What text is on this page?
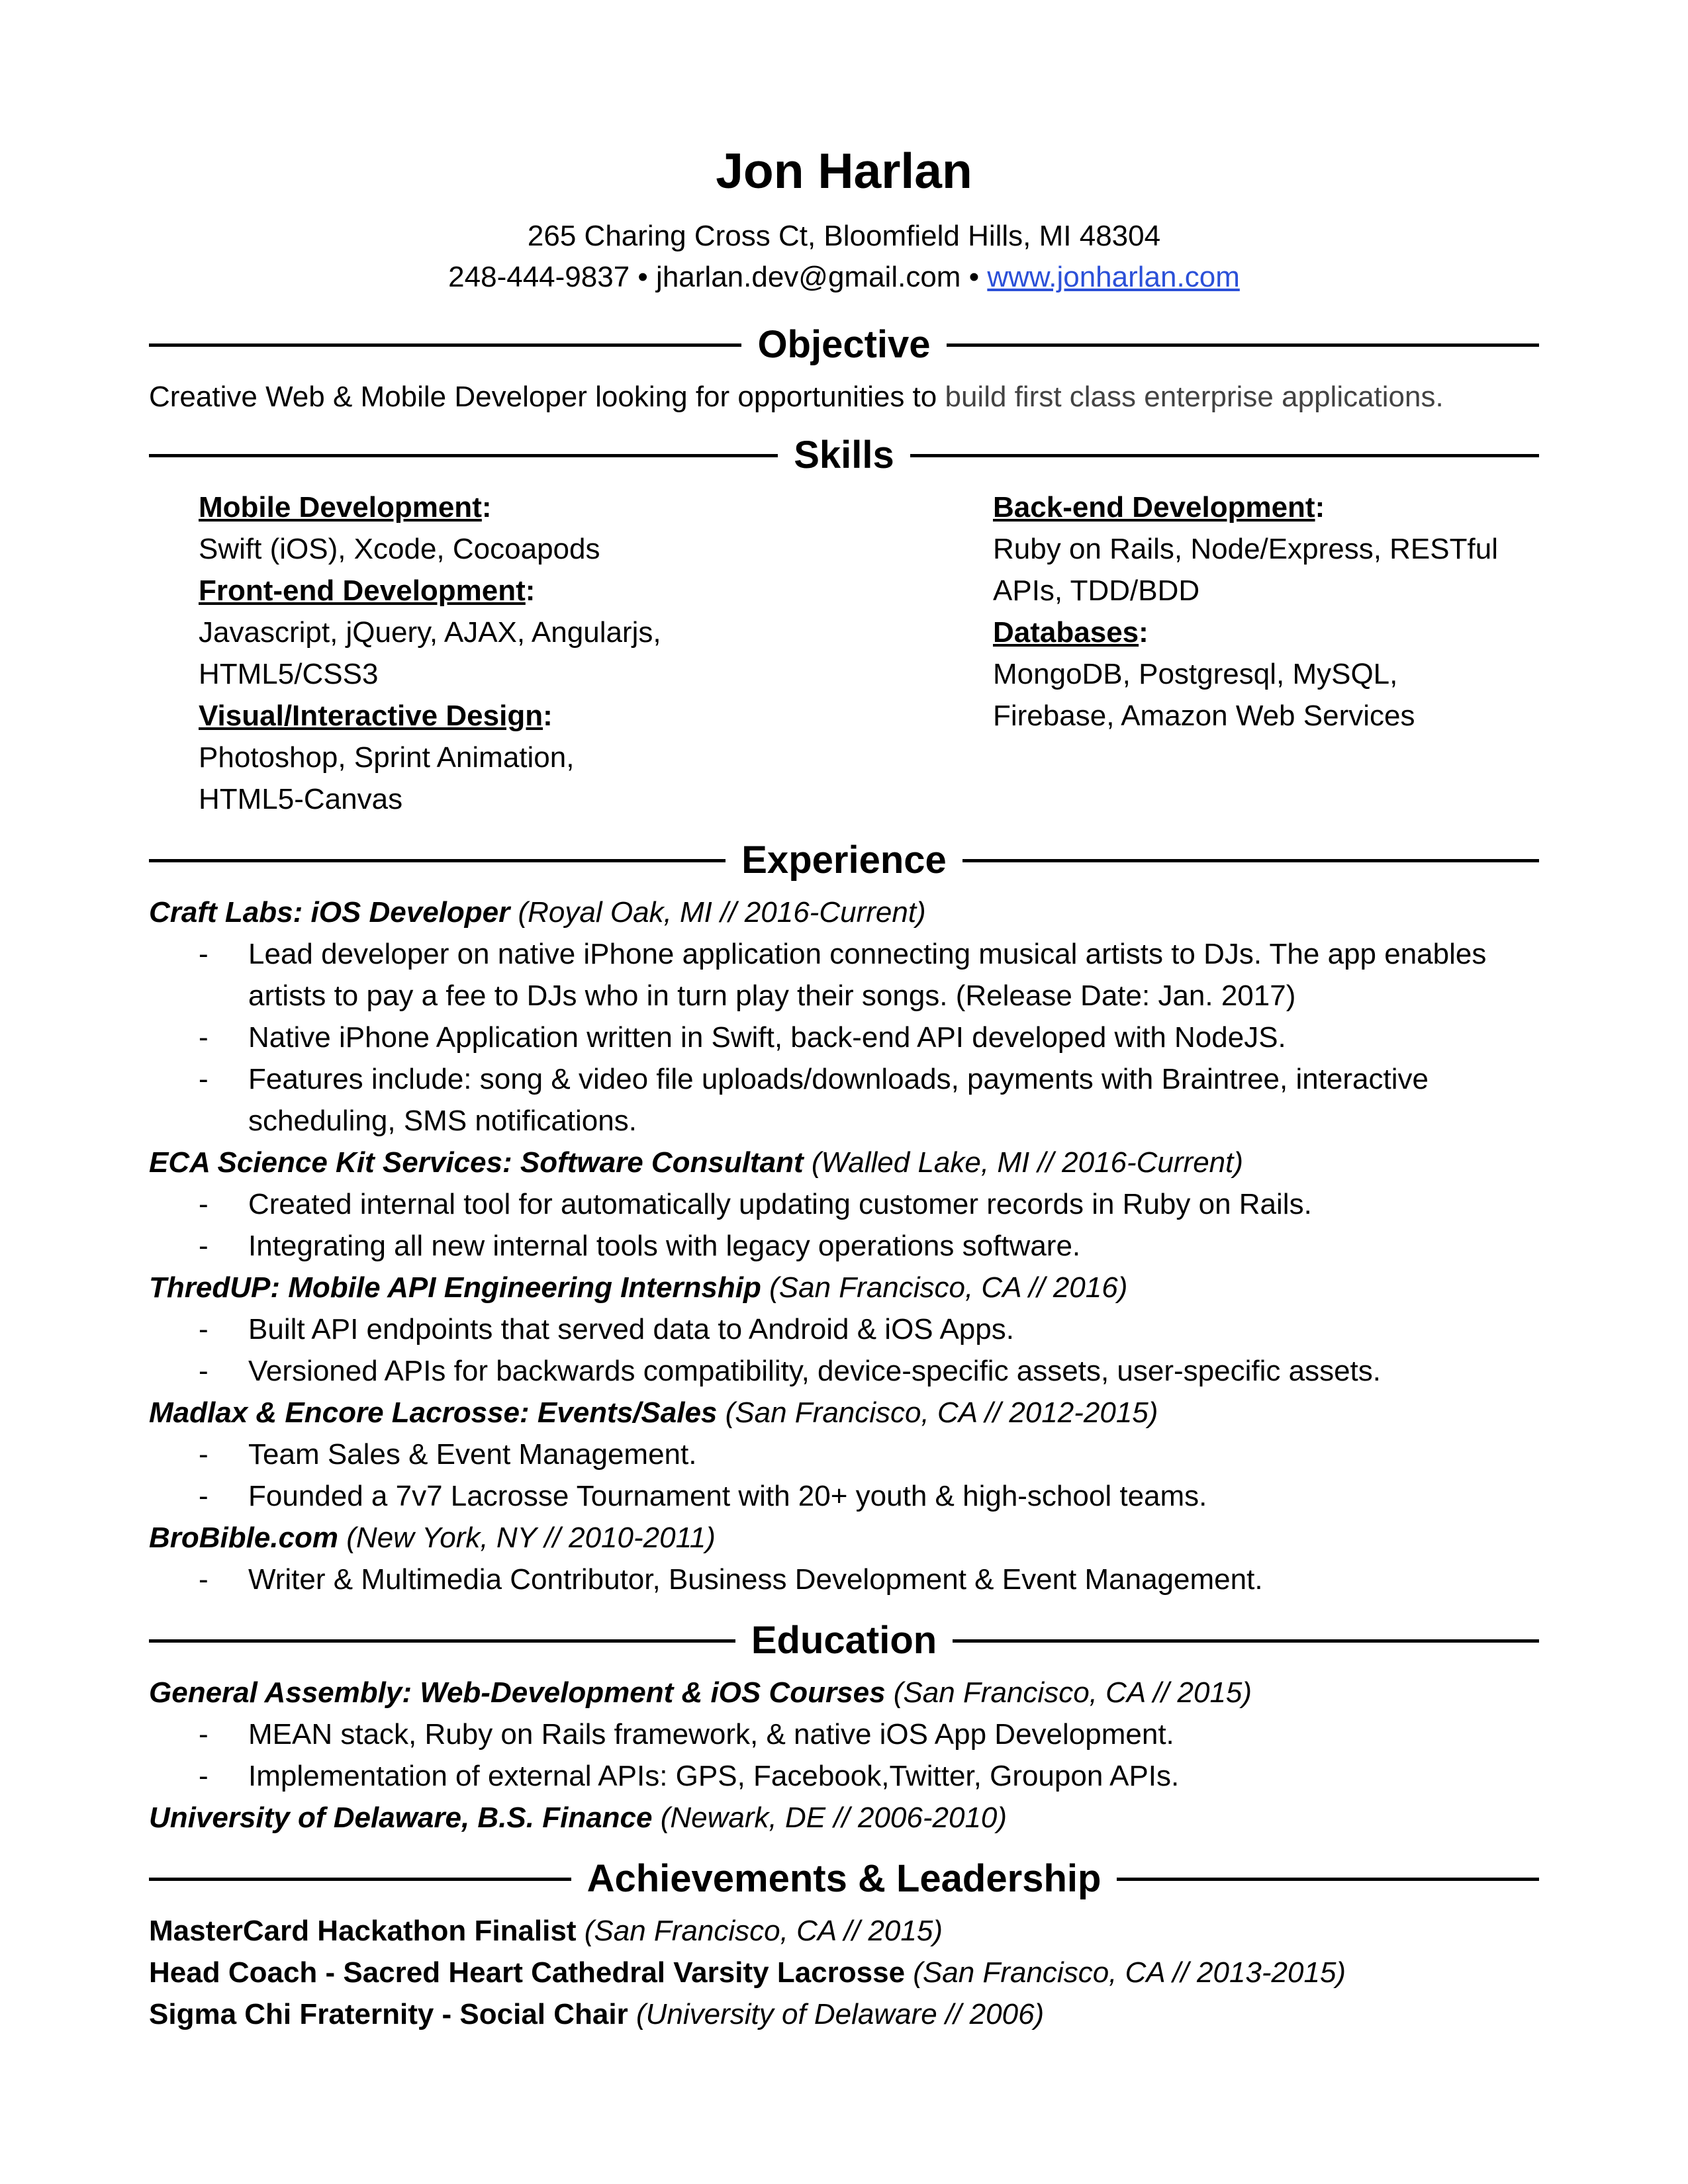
Jon Harlan
265 Charing Cross Ct, Bloomfield Hills, MI 48304
248-444-9837 • jharlan.dev@gmail.com • www.jonharlan.com
Objective
Creative Web & Mobile Developer looking for opportunities to build first class enterprise applications.
Skills
Mobile Development:
Swift (iOS), Xcode, Cocoapods
Front-end Development:
Javascript, jQuery, AJAX, Angularjs,
HTML5/CSS3
Visual/Interactive Design:
Photoshop, Sprint Animation,
HTML5-Canvas
Back-end Development:
Ruby on Rails, Node/Express, RESTful
APIs, TDD/BDD
Databases:
MongoDB, Postgresql, MySQL,
Firebase, Amazon Web Services
Experience
Craft Labs: iOS Developer (Royal Oak, MI // 2016-Current)
- Lead developer on native iPhone application connecting musical artists to DJs. The app enables artists to pay a fee to DJs who in turn play their songs. (Release Date: Jan. 2017)
- Native iPhone Application written in Swift, back-end API developed with NodeJS.
- Features include: song & video file uploads/downloads, payments with Braintree, interactive scheduling, SMS notifications.
ECA Science Kit Services: Software Consultant (Walled Lake, MI // 2016-Current)
- Created internal tool for automatically updating customer records in Ruby on Rails.
- Integrating all new internal tools with legacy operations software.
ThredUP: Mobile API Engineering Internship (San Francisco, CA // 2016)
- Built API endpoints that served data to Android & iOS Apps.
- Versioned APIs for backwards compatibility, device-specific assets, user-specific assets.
Madlax & Encore Lacrosse: Events/Sales (San Francisco, CA // 2012-2015)
- Team Sales & Event Management.
- Founded a 7v7 Lacrosse Tournament with 20+ youth & high-school teams.
BroBible.com (New York, NY // 2010-2011)
- Writer & Multimedia Contributor, Business Development & Event Management.
Education
General Assembly: Web-Development & iOS Courses (San Francisco, CA // 2015)
- MEAN stack, Ruby on Rails framework, & native iOS App Development.
- Implementation of external APIs: GPS, Facebook,Twitter, Groupon APIs.
University of Delaware, B.S. Finance (Newark, DE // 2006-2010)
Achievements & Leadership
MasterCard Hackathon Finalist (San Francisco, CA // 2015)
Head Coach - Sacred Heart Cathedral Varsity Lacrosse (San Francisco, CA // 2013-2015)
Sigma Chi Fraternity - Social Chair (University of Delaware // 2006)
